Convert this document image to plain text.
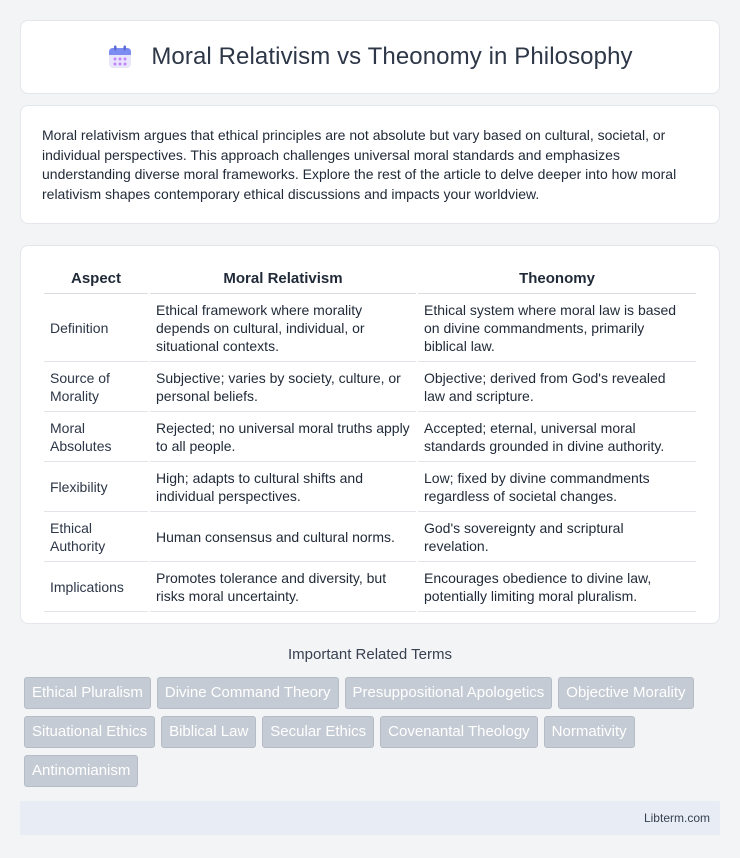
Moral Relativism vs Theonomy in Philosophy

Moral relativism argues that ethical principles are not absolute but vary based on cultural, societal, or individual perspectives. This approach challenges universal moral standards and emphasizes understanding diverse moral frameworks. Explore the rest of the article to delve deeper into how moral relativism shapes contemporary ethical discussions and impacts your worldview.

Aspect	Moral Relativism	Theonomy
Definition	Ethical framework where morality depends on cultural, individual, or situational contexts.	Ethical system where moral law is based on divine commandments, primarily biblical law.
Source of Morality	Subjective; varies by society, culture, or personal beliefs.	Objective; derived from God's revealed law and scripture.
Moral Absolutes	Rejected; no universal moral truths apply to all people.	Accepted; eternal, universal moral standards grounded in divine authority.
Flexibility	High; adapts to cultural shifts and individual perspectives.	Low; fixed by divine commandments regardless of societal changes.
Ethical Authority	Human consensus and cultural norms.	God's sovereignty and scriptural revelation.
Implications	Promotes tolerance and diversity, but risks moral uncertainty.	Encourages obedience to divine law, potentially limiting moral pluralism.
Important Related Terms
Ethical Pluralism	Divine Command Theory	Presuppositional Apologetics	Objective Morality
Situational Ethics	Biblical Law	Secular Ethics	Covenantal Theology	Normativity
Antinomianism
Libterm.com
